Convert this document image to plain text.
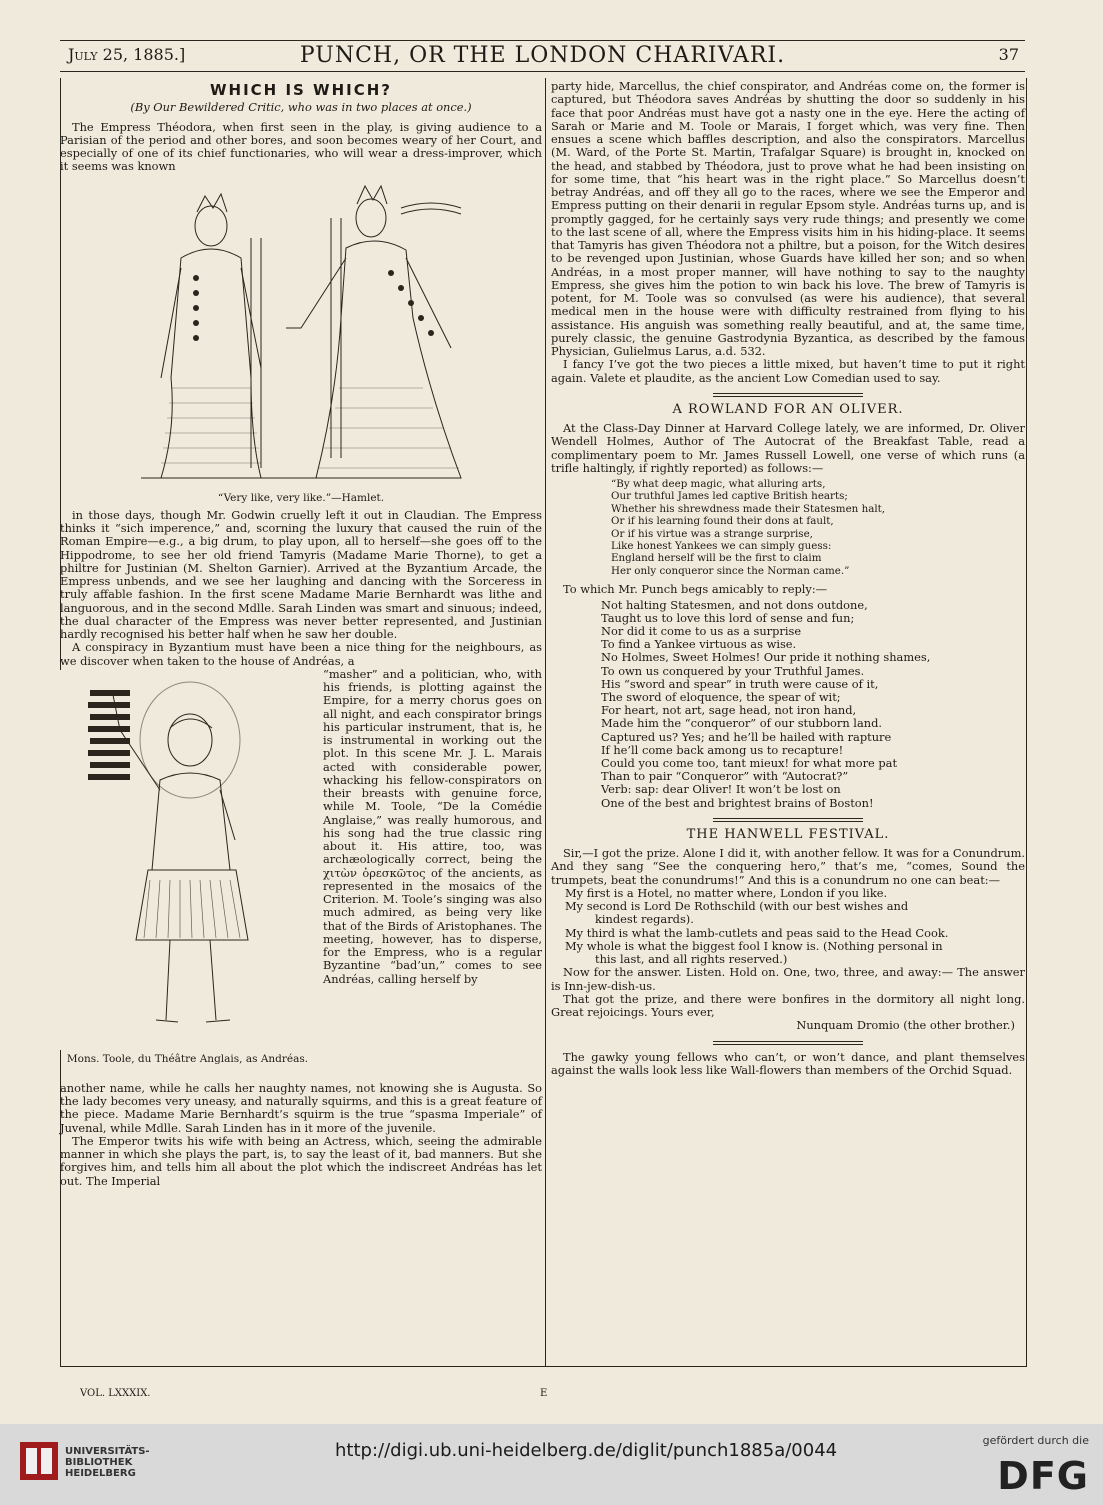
July 25, 1885.]	PUNCH, OR THE LONDON CHARIVARI.	37
WHICH IS WHICH?
(By Our Bewildered Critic, who was in two places at once.)

The Empress Théodora, when first seen in the play, is giving audience to a Parisian of the period and other bores, and soon becomes weary of her Court, and especially of one of its chief functionaries, who will wear a dress-improver, which it seems was known

“Very like, very like.”—Hamlet.

in those days, though Mr. Godwin cruelly left it out in Claudian. The Empress thinks it “sich imperence,” and, scorning the luxury that caused the ruin of the Roman Empire—e.g., a big drum, to play upon, all to herself—she goes off to the Hippodrome, to see her old friend Tamyris (Madame Marie Thorne), to get a philtre for Justinian (M. Shelton Garnier). Arrived at the Byzantium Arcade, the Empress unbends, and we see her laughing and dancing with the Sorceress in truly affable fashion. In the first scene Madame Marie Bernhardt was lithe and languorous, and in the second Mdlle. Sarah Linden was smart and sinuous; indeed, the dual character of the Empress was never better represented, and Justinian hardly recognised his better half when he saw her double.

A conspiracy in Byzantium must have been a nice thing for the neighbours, as we discover when taken to the house of Andréas, a

Mons. Toole, du Théâtre Anglais, as Andréas.

“masher” and a politician, who, with his friends, is plotting against the Empire, for a merry chorus goes on all night, and each conspirator brings his particular instrument, that is, he is instrumental in working out the plot. In this scene Mr. J. L. Marais acted with considerable power, whacking his fellow-conspirators on their breasts with genuine force, while M. Toole, “De la Comédie Anglaise,” was really humorous, and his song had the true classic ring about it. His attire, too, was archæologically correct, being the χιτὼν ὀρεσκῶτος of the ancients, as represented in the mosaics of the Criterion. M. Toole’s singing was also much admired, as being very like that of the Birds of Aristophanes. The meeting, however, has to disperse, for the Empress, who is a regular Byzantine “bad’un,” comes to see Andréas, calling herself by

another name, while he calls her naughty names, not knowing she is Augusta. So the lady becomes very uneasy, and naturally squirms, and this is a great feature of the piece. Madame Marie Bernhardt’s squirm is the true “spasma Imperiale” of Juvenal, while Mdlle. Sarah Linden has in it more of the juvenile.

The Emperor twits his wife with being an Actress, which, seeing the admirable manner in which she plays the part, is, to say the least of it, bad manners. But she forgives him, and tells him all about the plot which the indiscreet Andréas has let out. The Imperial

party hide, Marcellus, the chief conspirator, and Andréas come on, the former is captured, but Théodora saves Andréas by shutting the door so suddenly in his face that poor Andréas must have got a nasty one in the eye. Here the acting of Sarah or Marie and M. Toole or Marais, I forget which, was very fine. Then ensues a scene which baffles description, and also the conspirators. Marcellus (M. Ward, of the Porte St. Martin, Trafalgar Square) is brought in, knocked on the head, and stabbed by Théodora, just to prove what he had been insisting on for some time, that “his heart was in the right place.” So Marcellus doesn’t betray Andréas, and off they all go to the races, where we see the Emperor and Empress putting on their denarii in regular Epsom style. Andréas turns up, and is promptly gagged, for he certainly says very rude things; and presently we come to the last scene of all, where the Empress visits him in his hiding-place. It seems that Tamyris has given Théodora not a philtre, but a poison, for the Witch desires to be revenged upon Justinian, whose Guards have killed her son; and so when Andréas, in a most proper manner, will have nothing to say to the naughty Empress, she gives him the potion to win back his love. The brew of Tamyris is potent, for M. Toole was so convulsed (as were his audience), that several medical men in the house were with difficulty restrained from flying to his assistance. His anguish was something really beautiful, and at, the same time, purely classic, the genuine Gastrodynia Byzantica, as described by the famous Physician, Gulielmus Larus, a.d. 532.

I fancy I’ve got the two pieces a little mixed, but haven’t time to put it right again. Valete et plaudite, as the ancient Low Comedian used to say.

A ROWLAND FOR AN OLIVER.

At the Class-Day Dinner at Harvard College lately, we are informed, Dr. Oliver Wendell Holmes, Author of The Autocrat of the Breakfast Table, read a complimentary poem to Mr. James Russell Lowell, one verse of which runs (a trifle haltingly, if rightly reported) as follows:—

“By what deep magic, what alluring arts,
Our truthful James led captive British hearts;
Whether his shrewdness made their Statesmen halt,
Or if his learning found their dons at fault,
Or if his virtue was a strange surprise,
Like honest Yankees we can simply guess:
England herself will be the first to claim
Her only conqueror since the Norman came.”

To which Mr. Punch begs amicably to reply:—

Not halting Statesmen, and not dons outdone,
Taught us to love this lord of sense and fun;
Nor did it come to us as a surprise
To find a Yankee virtuous as wise.
No Holmes, Sweet Holmes! Our pride it nothing shames,
To own us conquered by your Truthful James.
His “sword and spear” in truth were cause of it,
The sword of eloquence, the spear of wit;
For heart, not art, sage head, not iron hand,
Made him the “conqueror” of our stubborn land.
Captured us? Yes; and he’ll be hailed with rapture
If he’ll come back among us to recapture!
Could you come too, tant mieux! for what more pat
Than to pair “Conqueror” with “Autocrat?”
Verb: sap: dear Oliver! It won’t be lost on
One of the best and brightest brains of Boston!
THE HANWELL FESTIVAL.

Sir,—I got the prize. Alone I did it, with another fellow. It was for a Conundrum. And they sang “See the conquering hero,” that’s me, “comes, Sound the trumpets, beat the conundrums!” And this is a conundrum no one can beat:—

My first is a Hotel, no matter where, London if you like.
My second is Lord De Rothschild (with our best wishes and
kindest regards).
My third is what the lamb-cutlets and peas said to the Head Cook.
My whole is what the biggest fool I know is. (Nothing personal in
this last, and all rights reserved.)

Now for the answer. Listen. Hold on. One, two, three, and away:— The answer is Inn-jew-dish-us.

That got the prize, and there were bonfires in the dormitory all night long. Great rejoicings. Yours ever,

Nunquam Dromio (the other brother.)

The gawky young fellows who can’t, or won’t dance, and plant themselves against the walls look less like Wall-flowers than members of the Orchid Squad.

VOL. LXXXIX.	E
UNIVERSITÄTS-
BIBLIOTHEK
HEIDELBERG
http://digi.ub.uni-heidelberg.de/diglit/punch1885a/0044	gefördert durch die
DFG
